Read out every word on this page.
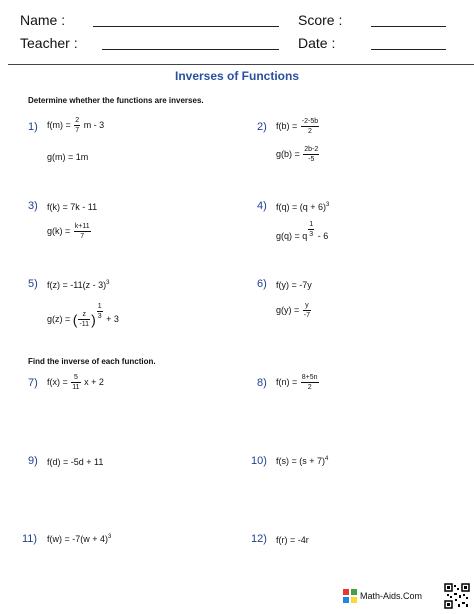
Name :	Score :
Teacher :	Date :
Inverses of Functions
Determine whether the functions are inverses.
1) $f(m) = \frac{2}{7}$ m - 3
g(m) = 1m
2) $f(b) = \frac{-2-5b}{2}$
$g(b) = \frac{2b-2}{-5}$
3) f(k) = 7k - 11
$g(k) = \frac{k+11}{7}$
4) $f(q) = (q + 6)^3$
g(q) = q $\frac{1}{3} - 6$
5) f(z) = -11(z - 3)$^3$
g(z) = ( $\frac{z}{-11}$ ) $\frac{1}{3} + 3$
6) f(y) = -7y
$g(y) = \frac{y}{-7}$
Find the inverse of each function.
7) $f(x) = \frac{5}{11}$ x + 2	8) $f(n) = \frac{8+5n}{2}$
9) f(d) = -5d + 11	10) $f(s) = (s + 7)^4$
11) $f(w) = -7(w + 4)^3$	12) f(r) = -4r
Math-Aids.Com
